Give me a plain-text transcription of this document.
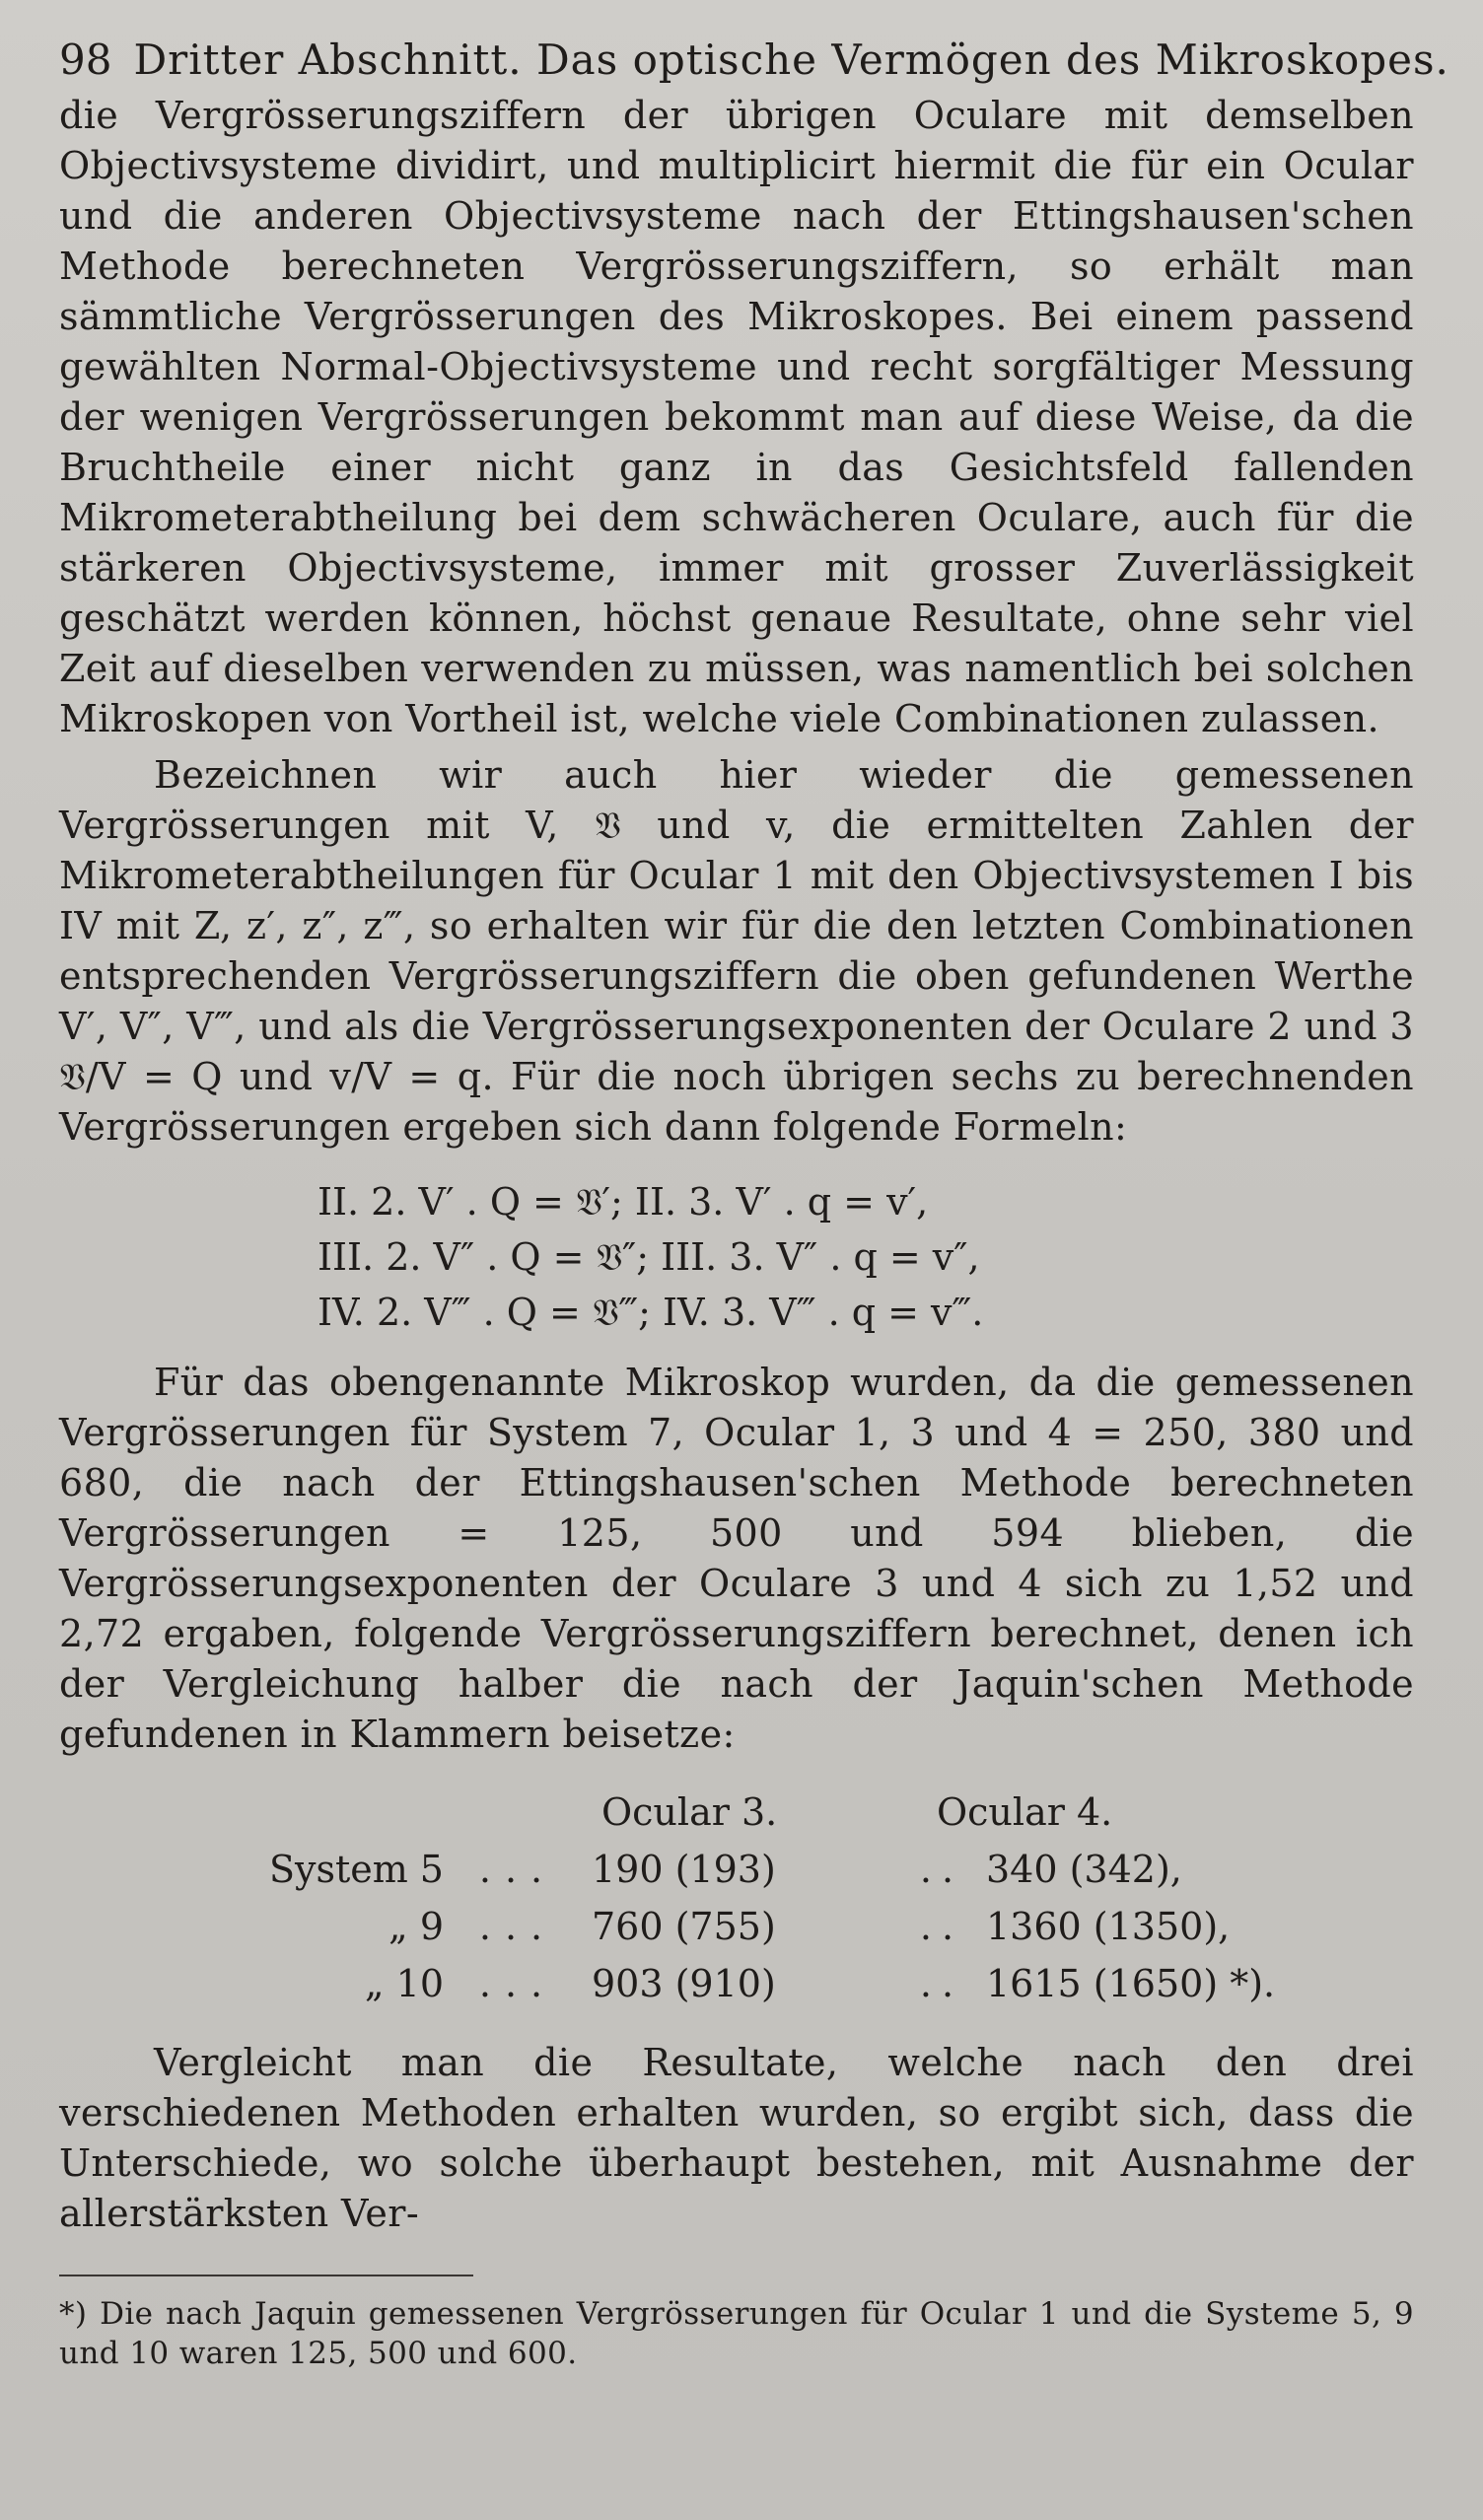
98 Dritter Abschnitt. Das optische Vermögen des Mikroskopes.

die Vergrösserungsziffern der übrigen Oculare mit demselben Objectivsysteme dividirt, und multiplicirt hiermit die für ein Ocular und die anderen Objectivsysteme nach der Ettingshausen'schen Methode berechneten Vergrösserungsziffern, so erhält man sämmtliche Vergrösserungen des Mikroskopes. Bei einem passend gewählten Normal-Objectivsysteme und recht sorgfältiger Messung der wenigen Vergrösserungen bekommt man auf diese Weise, da die Bruchtheile einer nicht ganz in das Gesichtsfeld fallenden Mikrometerabtheilung bei dem schwächeren Oculare, auch für die stärkeren Objectivsysteme, immer mit grosser Zuverlässigkeit geschätzt werden können, höchst genaue Resultate, ohne sehr viel Zeit auf dieselben verwenden zu müssen, was namentlich bei solchen Mikroskopen von Vortheil ist, welche viele Combinationen zulassen.

Bezeichnen wir auch hier wieder die gemessenen Vergrösserungen mit V, 𝔙 und v, die ermittelten Zahlen der Mikrometerabtheilungen für Ocular 1 mit den Objectivsystemen I bis IV mit Z, z′, z″, z‴, so erhalten wir für die den letzten Combinationen entsprechenden Vergrösserungsziffern die oben gefundenen Werthe V′, V″, V‴, und als die Vergrösserungsexponenten der Oculare 2 und 3 𝔙/V = Q und v/V = q. Für die noch übrigen sechs zu berechnenden Vergrösserungen ergeben sich dann folgende Formeln:

II. 2. V′ . Q = 𝔙′; II. 3. V′ . q = v′,
III. 2. V″ . Q = 𝔙″; III. 3. V″ . q = v″,
IV. 2. V‴ . Q = 𝔙‴; IV. 3. V‴ . q = v‴.

Für das obengenannte Mikroskop wurden, da die gemessenen Vergrösserungen für System 7, Ocular 1, 3 und 4 = 250, 380 und 680, die nach der Ettingshausen'schen Methode berechneten Vergrösserungen = 125, 500 und 594 blieben, die Vergrösserungsexponenten der Oculare 3 und 4 sich zu 1,52 und 2,72 ergaben, folgende Vergrösserungsziffern berechnet, denen ich der Vergleichung halber die nach der Jaquin'schen Methode gefundenen in Klammern beisetze:

Ocular 3.	Ocular 4.
System 5 ... 190 (193)	.. 340 (342),
„ 9 ... 760 (755)	.. 1360 (1350),
„ 10 ... 903 (910)	.. 1615 (1650) *).

Vergleicht man die Resultate, welche nach den drei verschiedenen Methoden erhalten wurden, so ergibt sich, dass die Unterschiede, wo solche überhaupt bestehen, mit Ausnahme der allerstärksten Ver-

*) Die nach Jaquin gemessenen Vergrösserungen für Ocular 1 und die Systeme 5, 9 und 10 waren 125, 500 und 600.
